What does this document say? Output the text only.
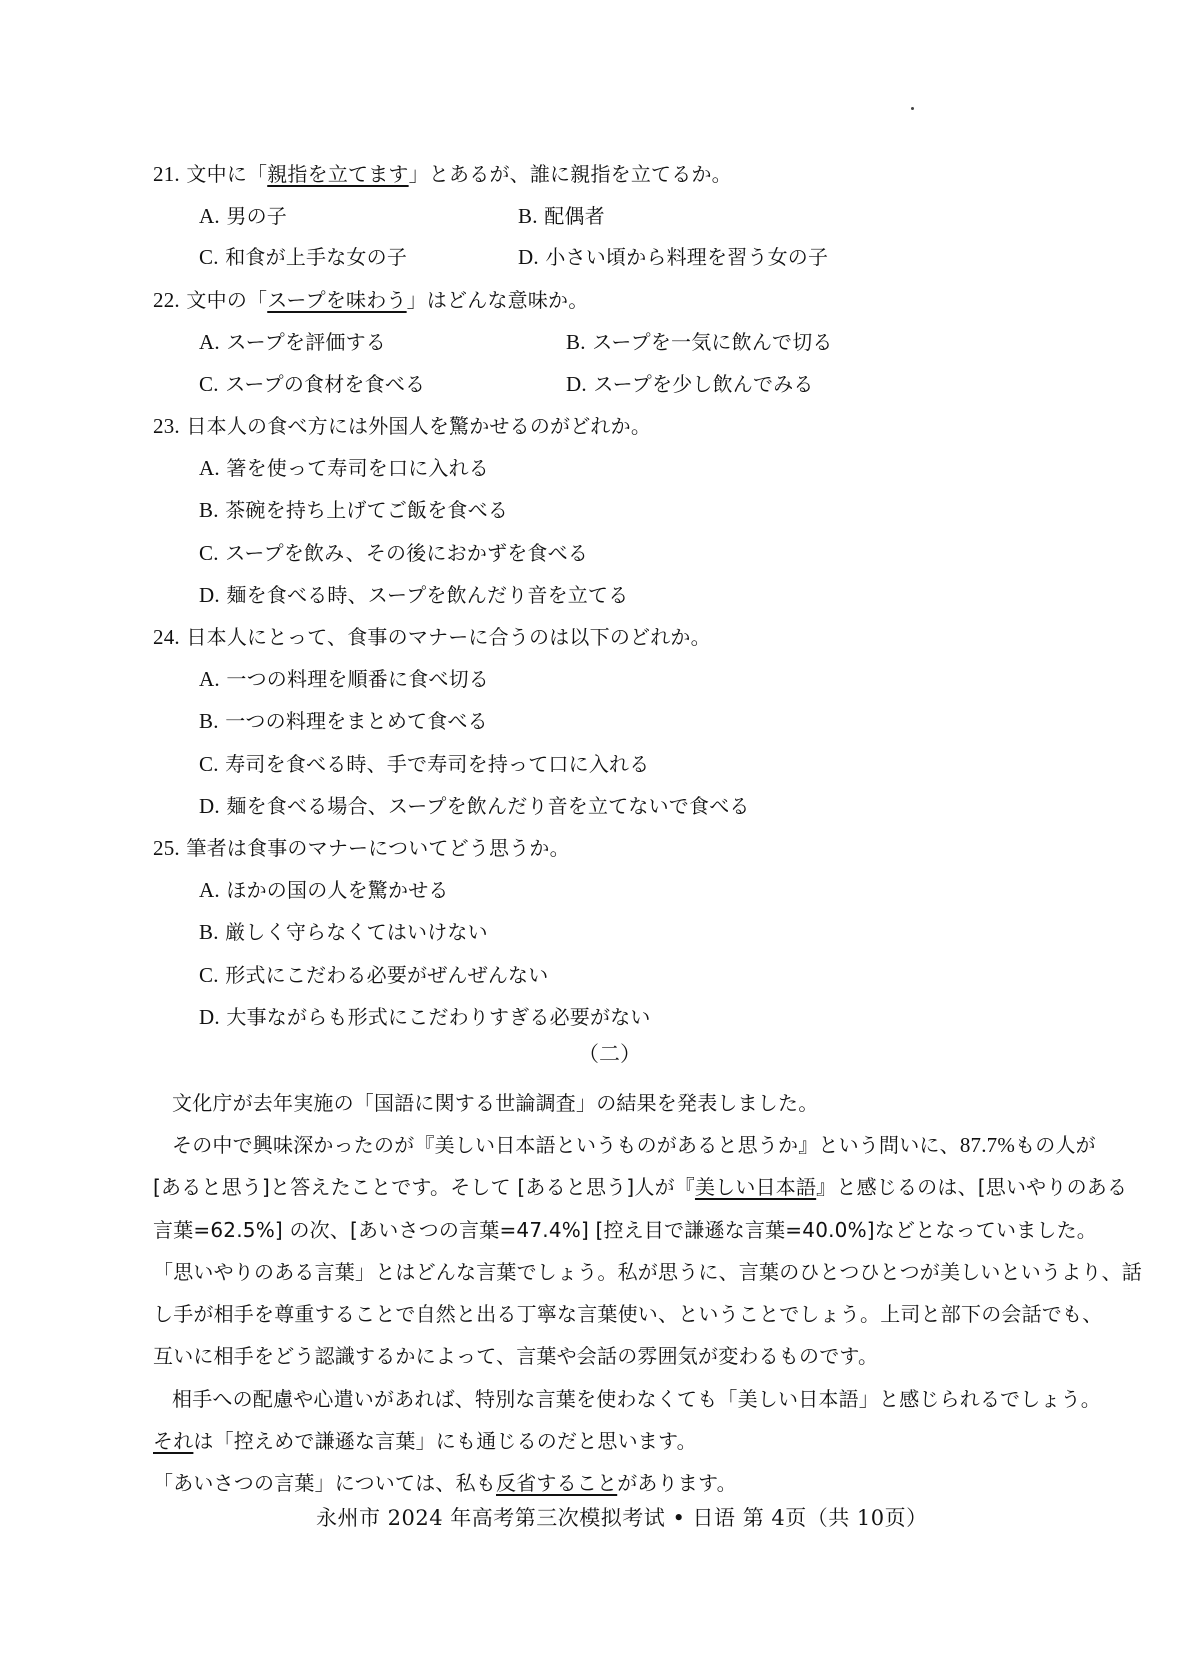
21. 文中に「親指を立てます」とあるが、誰に親指を立てるか。
A. 男の子	B. 配偶者
C. 和食が上手な女の子	D. 小さい頃から料理を習う女の子
22. 文中の「スープを味わう」はどんな意味か。
A. スープを評価する	B. スープを一気に飲んで切る
C. スープの食材を食べる	D. スープを少し飲んでみる
23. 日本人の食べ方には外国人を驚かせるのがどれか。
A. 箸を使って寿司を口に入れる
B. 茶碗を持ち上げてご飯を食べる
C. スープを飲み、その後におかずを食べる
D. 麺を食べる時、スープを飲んだり音を立てる
24. 日本人にとって、食事のマナーに合うのは以下のどれか。
A. 一つの料理を順番に食べ切る
B. 一つの料理をまとめて食べる
C. 寿司を食べる時、手で寿司を持って口に入れる
D. 麺を食べる場合、スープを飲んだり音を立てないで食べる
25. 筆者は食事のマナーについてどう思うか。
A. ほかの国の人を驚かせる
B. 厳しく守らなくてはいけない
C. 形式にこだわる必要がぜんぜんない
D. 大事ながらも形式にこだわりすぎる必要がない
（二）
文化庁が去年実施の「国語に関する世論調査」の結果を発表しました。
その中で興味深かったのが『美しい日本語というものがあると思うか』という問いに、87.7%もの人が
[あると思う]と答えたことです。そして [あると思う]人が『美しい日本語』と感じるのは、[思いやりのある
言葉=62.5%] の次、[あいさつの言葉=47.4%] [控え目で謙遜な言葉=40.0%]などとなっていました。
「思いやりのある言葉」とはどんな言葉でしょう。私が思うに、言葉のひとつひとつが美しいというより、話
し手が相手を尊重することで自然と出る丁寧な言葉使い、ということでしょう。上司と部下の会話でも、
互いに相手をどう認識するかによって、言葉や会話の雰囲気が変わるものです。
相手への配慮や心遣いがあれば、特別な言葉を使わなくても「美しい日本語」と感じられるでしょう。
それは「控えめで謙遜な言葉」にも通じるのだと思います。
「あいさつの言葉」については、私も反省することがあります。
永州市 2024 年高考第三次模拟考试 • 日语 第 4页（共 10页）
